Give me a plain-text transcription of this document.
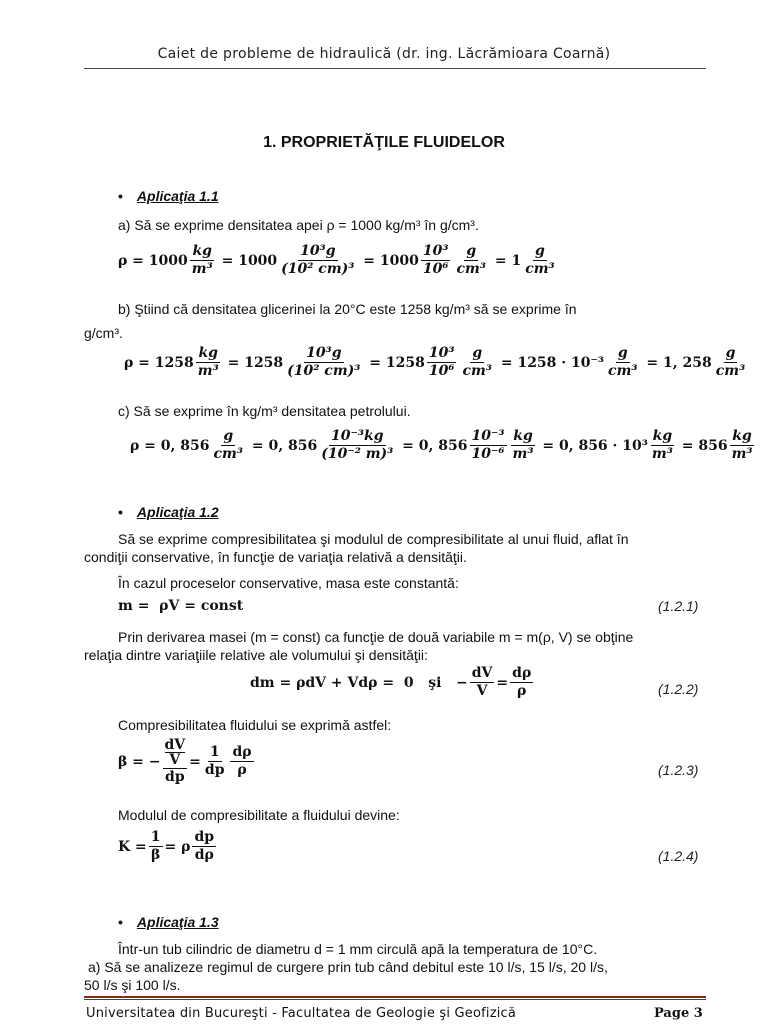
Caiet de probleme de hidraulică (dr. ing. Lăcrămioara Coarnă)
1. PROPRIETĂŢILE FLUIDELOR
• Aplicaţia 1.1
a) Să se exprime densitatea apei ρ = 1000 kg/m³ în g/cm³.
$\rho = 1000 \frac{kg}{\text{m³}} = 1000 \frac{\text{10³g}}{\text{(10² cm)³}} = 1000 \frac{\text{10³}}{\text{10⁶}} \frac{g}{\text{cm³}} = 1 \frac{g}{\text{cm³}}$
b) Ştiind că densitatea glicerinei la 20°C este 1258 kg/m³ să se exprime în
g/cm³.
$\rho = 1258 \frac{kg}{\text{m³}} = 1258 \frac{\text{10³g}}{\text{(10² cm)³}} = 1258 \frac{\text{10³}}{\text{10⁶}} \frac{g}{\text{cm³}} = 1258 \cdot 10^{-3} \frac{g}{\text{cm³}} = 1$, $258 \frac{g}{\text{cm³}}$
c) Să se exprime în kg/m³ densitatea petrolului.
ρ = 0, $856 \frac{g}{\text{cm³}} = 0$, $856 \frac{\text{10⁻³kg}}{\text{(10⁻² m)³}} = 0$, $856 \frac{\text{10⁻³}}{\text{10⁻⁶}} \frac{kg}{\text{m³}} = 0$, $856 \cdot 10^3 \frac{kg}{\text{m³}} = 856 \frac{kg}{\text{m³}}$
• Aplicaţia 1.2
Să se exprime compresibilitatea şi modulul de compresibilitate al unui fluid, aflat în
condiţii conservative, în funcţie de variaţia relativă a densităţii.
În cazul proceselor conservative, masa este constantă:
m =  ρV = const	(1.2.1)
Prin derivarea masei (m = const) ca funcţie de două variabile m = m(ρ, V) se obţine
relaţia dintre variaţiile relative ale volumului şi densităţii:
dm = ρdV + Vdρ =  0   şi   − $\frac{dV}{V} = \frac{d\rho}{\rho}$	(1.2.2)
Compresibilitatea fluidului se exprimă astfel:
β = − dV
V
dp = $\frac{1}{dp} \frac{d\rho}{\rho}$	(1.2.3)
Modulul de compresibilitate a fluidului devine:
$K = \frac{1}{\beta} = \rho \frac{dp}{d\rho}$	(1.2.4)
• Aplicaţia 1.3
Într-un tub cilindric de diametru d = 1 mm circulă apă la temperatura de 10°C.
a) Să se analizeze regimul de curgere prin tub când debitul este 10 l/s, 15 l/s, 20 l/s,
50 l/s şi 100 l/s.
Universitatea din Bucureşti - Facultatea de Geologie şi Geofizică	Page 3
